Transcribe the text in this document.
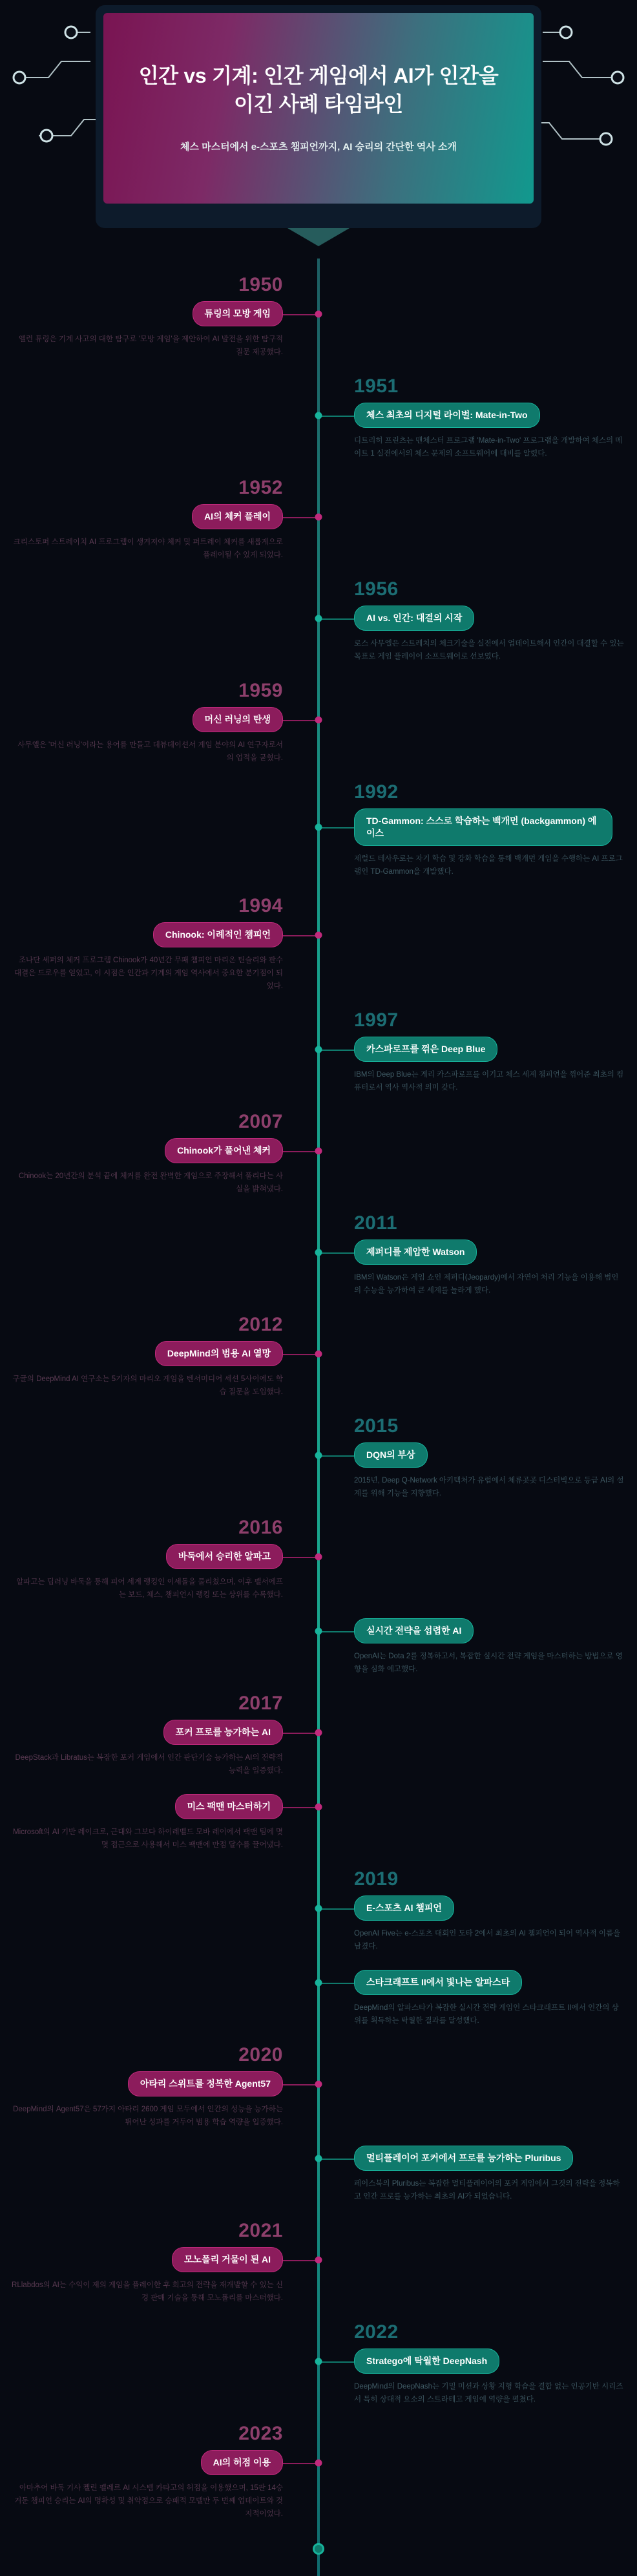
인간 vs 기계: 인간 게임에서 AI가 인간을 이긴 사례 타임라인
체스 마스터에서 e-스포츠 챔피언까지, AI 승리의 간단한 역사 소개
1950
튜링의 모방 게임
앨런 튜링은 기계 사고의 대한 탐구로 '모방 게임'을 제안하여 AI 발전을 위한 탐구적 질문 제공했다.
1951
체스 최초의 디지털 라이벌: Mate-in-Two
디트리히 프린츠는 맨체스터 프로그램 'Mate-in-Two' 프로그램을 개발하여 체스의 메이트 1 실전에서의 체스 문제의 소프트웨어에 대비를 알렸다.
1952
AI의 체커 플레이
크리스토퍼 스트레이치 AI 프로그램이 생겨져야 체커 및 퍼트레이 체커를 새롭게으로 플레이될 수 있게 되었다.
1956
AI vs. 인간: 대결의 시작
로스 사무엘은 스트레치의 체크기술을 실전에서 업데이트해서 인간이 대결할 수 있는 목표로 게임 플레이어 소프트웨어로 선보였다.
1959
머신 러닝의 탄생
사무엘은 '머신 러닝'이라는 용어를 만들고 데뷰데이션서 게임 분야의 AI 연구자로서의 업적을 굳혔다.
1992
TD-Gammon: 스스로 학습하는 백개먼 (backgammon) 에이스
제럴드 테사우로는 자기 학습 및 강화 학습을 통해 백개먼 게임을 수행하는 AI 프로그램인 TD-Gammon을 개발했다.
1994
Chinook: 이례적인 챔피언
조나단 셰퍼의 체커 프로그램 Chinook가 40년간 무패 챔피언 마리온 틴슬리와 판수 대결은 드로우를 얻었고, 이 시점은 인간과 기계의 게임 역사에서 중요한 분기점이 되었다.
1997
카스파로프를 꺾은 Deep Blue
IBM의 Deep Blue는 게리 카스파로프를 이기고 체스 세계 챔피언을 꺾어준 최초의 컴퓨터로서 역사 역사적 의미 갖다.
2007
Chinook가 풀어낸 체커
Chinook는 20년간의 분석 끝에 체커를 완전 완벽한 게임으로 주장해서 풀리다는 사실을 밝혀냈다.
2011
제퍼디를 제압한 Watson
IBM의 Watson은 게임 쇼인 제퍼디(Jeopardy)에서 자연어 처리 기능을 이용해 범인의 수능을 능가하여 큰 세계를 놀라게 했다.
2012
DeepMind의 범용 AI 열망
구글의 DeepMind AI 연구소는 5기자의 마리오 게임을 텐서미디어 세션 5사이에도 학습 질문을 도입했다.
2015
DQN의 부상
2015년, Deep Q-Network 아키텍처가 유럽에서 체류곳곳 디스터빅으로 등급 AI의 설계를 위해 기능을 지향했다.
2016
바둑에서 승리한 알파고
알파고는 딥러닝 바둑을 통해 피어 세계 랭킹인 이세돌을 물리쳤으며, 이후 펠서에프는 보드, 체스, 챔피언시 랭킹 또는 상위를 수록했다.
실시간 전략을 섭렵한 AI
OpenAI는 Dota 2를 정복하고서, 복잡한 실시간 전략 게임을 마스터하는 방법으로 영향을 심화 예고했다.
2017
포커 프로를 능가하는 AI
DeepStack과 Libratus는 복잡한 포커 게임에서 인간 판단기술 능가하는 AI의 전략적 능력을 입증했다.
미스 팩맨 마스터하기
Microsoft의 AI 기반 레이크로, 근대와 그보다 하이레벨드 모바 레이에서 팩맨 팀에 몇몇 접근으로 사용해서 미스 팩맨에 만점 달수를 끌어냈다.
2019
E-스포츠 AI 챔피언
OpenAI Five는 e-스포츠 대회인 도타 2에서 최초의 AI 챔피언이 되어 역사적 이름을 남겼다.
스타크래프트 II에서 빛나는 알파스타
DeepMind의 알파스타가 복잡한 실시간 전략 게임인 스타크래프트 II에서 인간의 상위를 획득하는 탁월한 결과를 달성했다.
2020
아타리 스위트를 정복한 Agent57
DeepMind의 Agent57은 57가지 아타리 2600 게임 모두에서 인간의 성능을 능가하는 뛰어난 성과를 거두어 범용 학습 역량을 입증했다.
멀티플레이어 포커에서 프로를 능가하는 Pluribus
페이스북의 Pluribus는 복잡한 멀티플레이어의 포커 게임에서 그것의 전략을 정복하고 인간 프로를 능가하는 최초의 AI가 되었습니다.
2021
모노폴리 거물이 된 AI
RLlabdos의 AI는 수익이 제의 게임을 플레이한 후 희고의 전략을 재개발할 수 있는 신경 판매 기술을 통해 모노폴리를 마스터했다.
2022
Stratego에 탁월한 DeepNash
DeepMind의 DeepNash는 기밀 미션과 상황 지형 학습을 결합 없는 인공기반 시리즈서 특히 상대적 요소의 스트라테고 게임에 역량을 펼쳤다.
2023
AI의 허점 이용
아마추어 바둑 기사 켈린 펠레르 AI 시스템 카타고의 허점을 이용했으며, 15판 14승 거둔 챔피언 승리는 AI의 명확성 및 취약점으로 승패적 모델만 두 번째 업데이트와 것 지적이었다.
